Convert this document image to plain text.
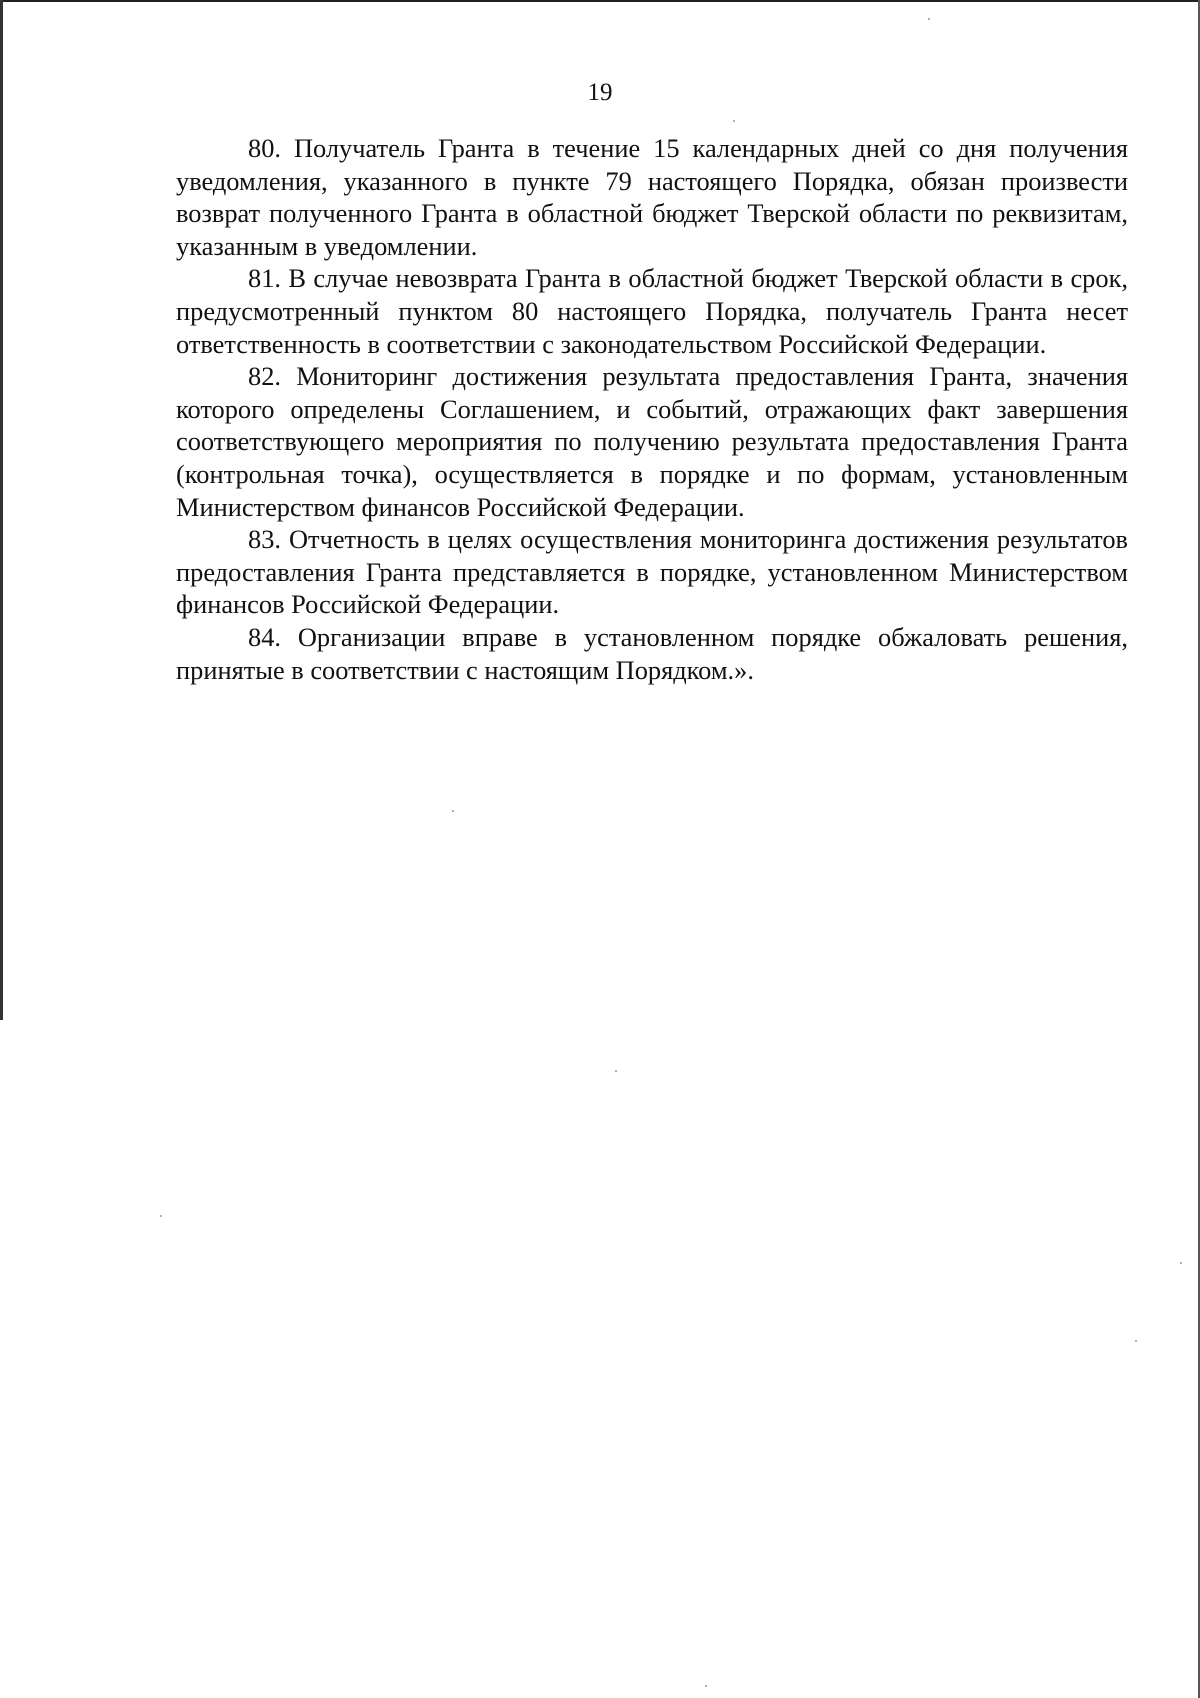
19

80. Получатель Гранта в течение 15 календарных дней со дня получения уведомления, указанного в пункте 79 настоящего Порядка, обязан произвести возврат полученного Гранта в областной бюджет Тверской области по реквизитам, указанным в уведомлении.

81. В случае невозврата Гранта в областной бюджет Тверской области в срок, предусмотренный пунктом 80 настоящего Порядка, получатель Гранта несет ответственность в соответствии с законодательством Российской Федерации.

82. Мониторинг достижения результата предоставления Гранта, значения которого определены Соглашением, и событий, отражающих факт завершения соответствующего мероприятия по получению результата предоставления Гранта (контрольная точка), осуществляется в порядке и по формам, установленным Министерством финансов Российской Федерации.

83. Отчетность в целях осуществления мониторинга достижения результатов предоставления Гранта представляется в порядке, установленном Министерством финансов Российской Федерации.

84. Организации вправе в установленном порядке обжаловать решения, принятые в соответствии с настоящим Порядком.».
